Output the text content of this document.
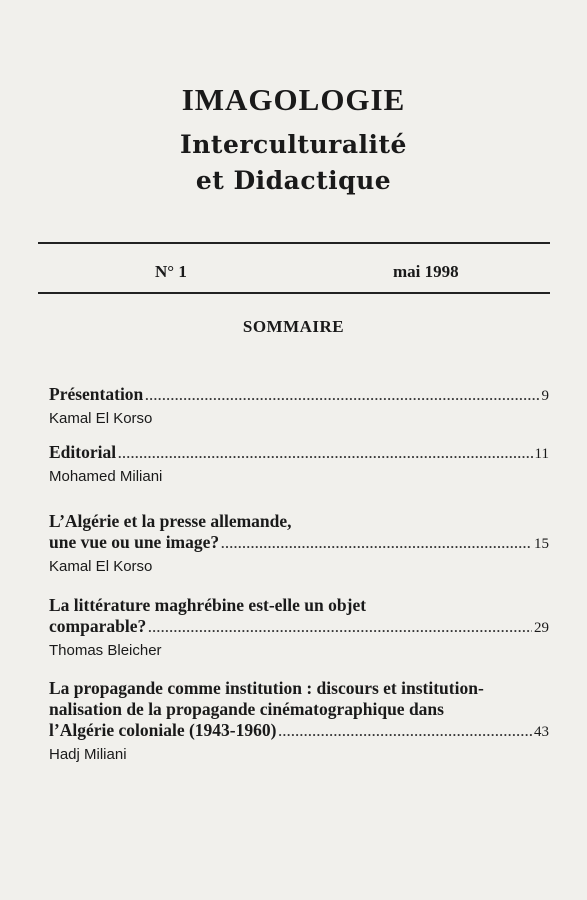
IMAGOLOGIE
Interculturalité
et Didactique
N° 1	mai 1998
SOMMAIRE
Présentation .....	9
Kamal El Korso
Editorial .....	11
Mohamed Miliani
L’Algérie et la presse allemande,
une vue ou une image? .....	15
Kamal El Korso
La littérature maghrébine est-elle un objet
comparable? .....	29
Thomas Bleicher
La propagande comme institution : discours et institution-
nalisation de la propagande cinématographique dans
l’Algérie coloniale (1943-1960) .....	43
Hadj Miliani
